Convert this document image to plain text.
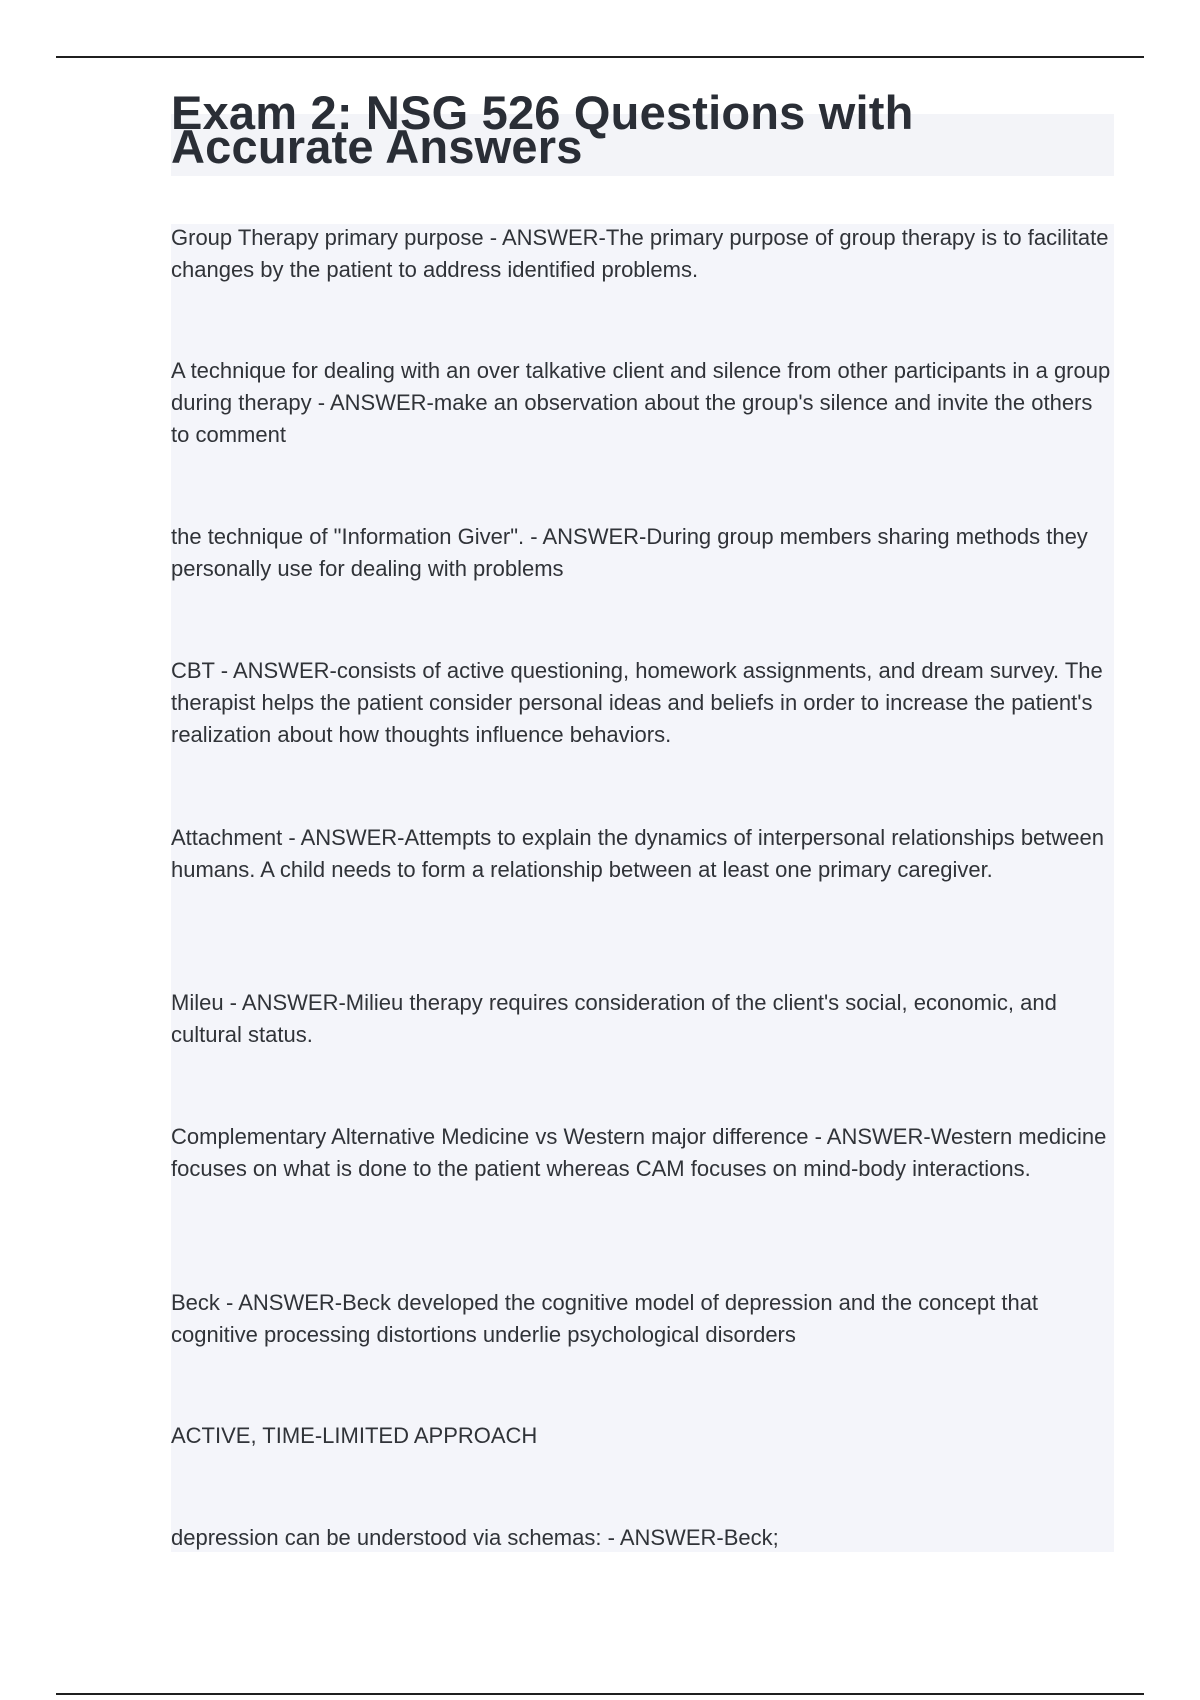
Exam 2: NSG 526 Questions with Accurate Answers

Group Therapy primary purpose - ANSWER-The primary purpose of group therapy is to facilitate changes by the patient to address identified problems.

A technique for dealing with an over talkative client and silence from other participants in a group during therapy - ANSWER-make an observation about the group's silence and invite the others to comment

the technique of "Information Giver". - ANSWER-During group members sharing methods they personally use for dealing with problems

CBT - ANSWER-consists of active questioning, homework assignments, and dream survey. The therapist helps the patient consider personal ideas and beliefs in order to increase the patient's realization about how thoughts influence behaviors.

Attachment - ANSWER-Attempts to explain the dynamics of interpersonal relationships between humans. A child needs to form a relationship between at least one primary caregiver.

Mileu - ANSWER-Milieu therapy requires consideration of the client's social, economic, and cultural status.

Complementary Alternative Medicine vs Western major difference - ANSWER-Western medicine focuses on what is done to the patient whereas CAM focuses on mind-body interactions.

Beck - ANSWER-Beck developed the cognitive model of depression and the concept that cognitive processing distortions underlie psychological disorders

ACTIVE, TIME-LIMITED APPROACH

depression can be understood via schemas: - ANSWER-Beck;
